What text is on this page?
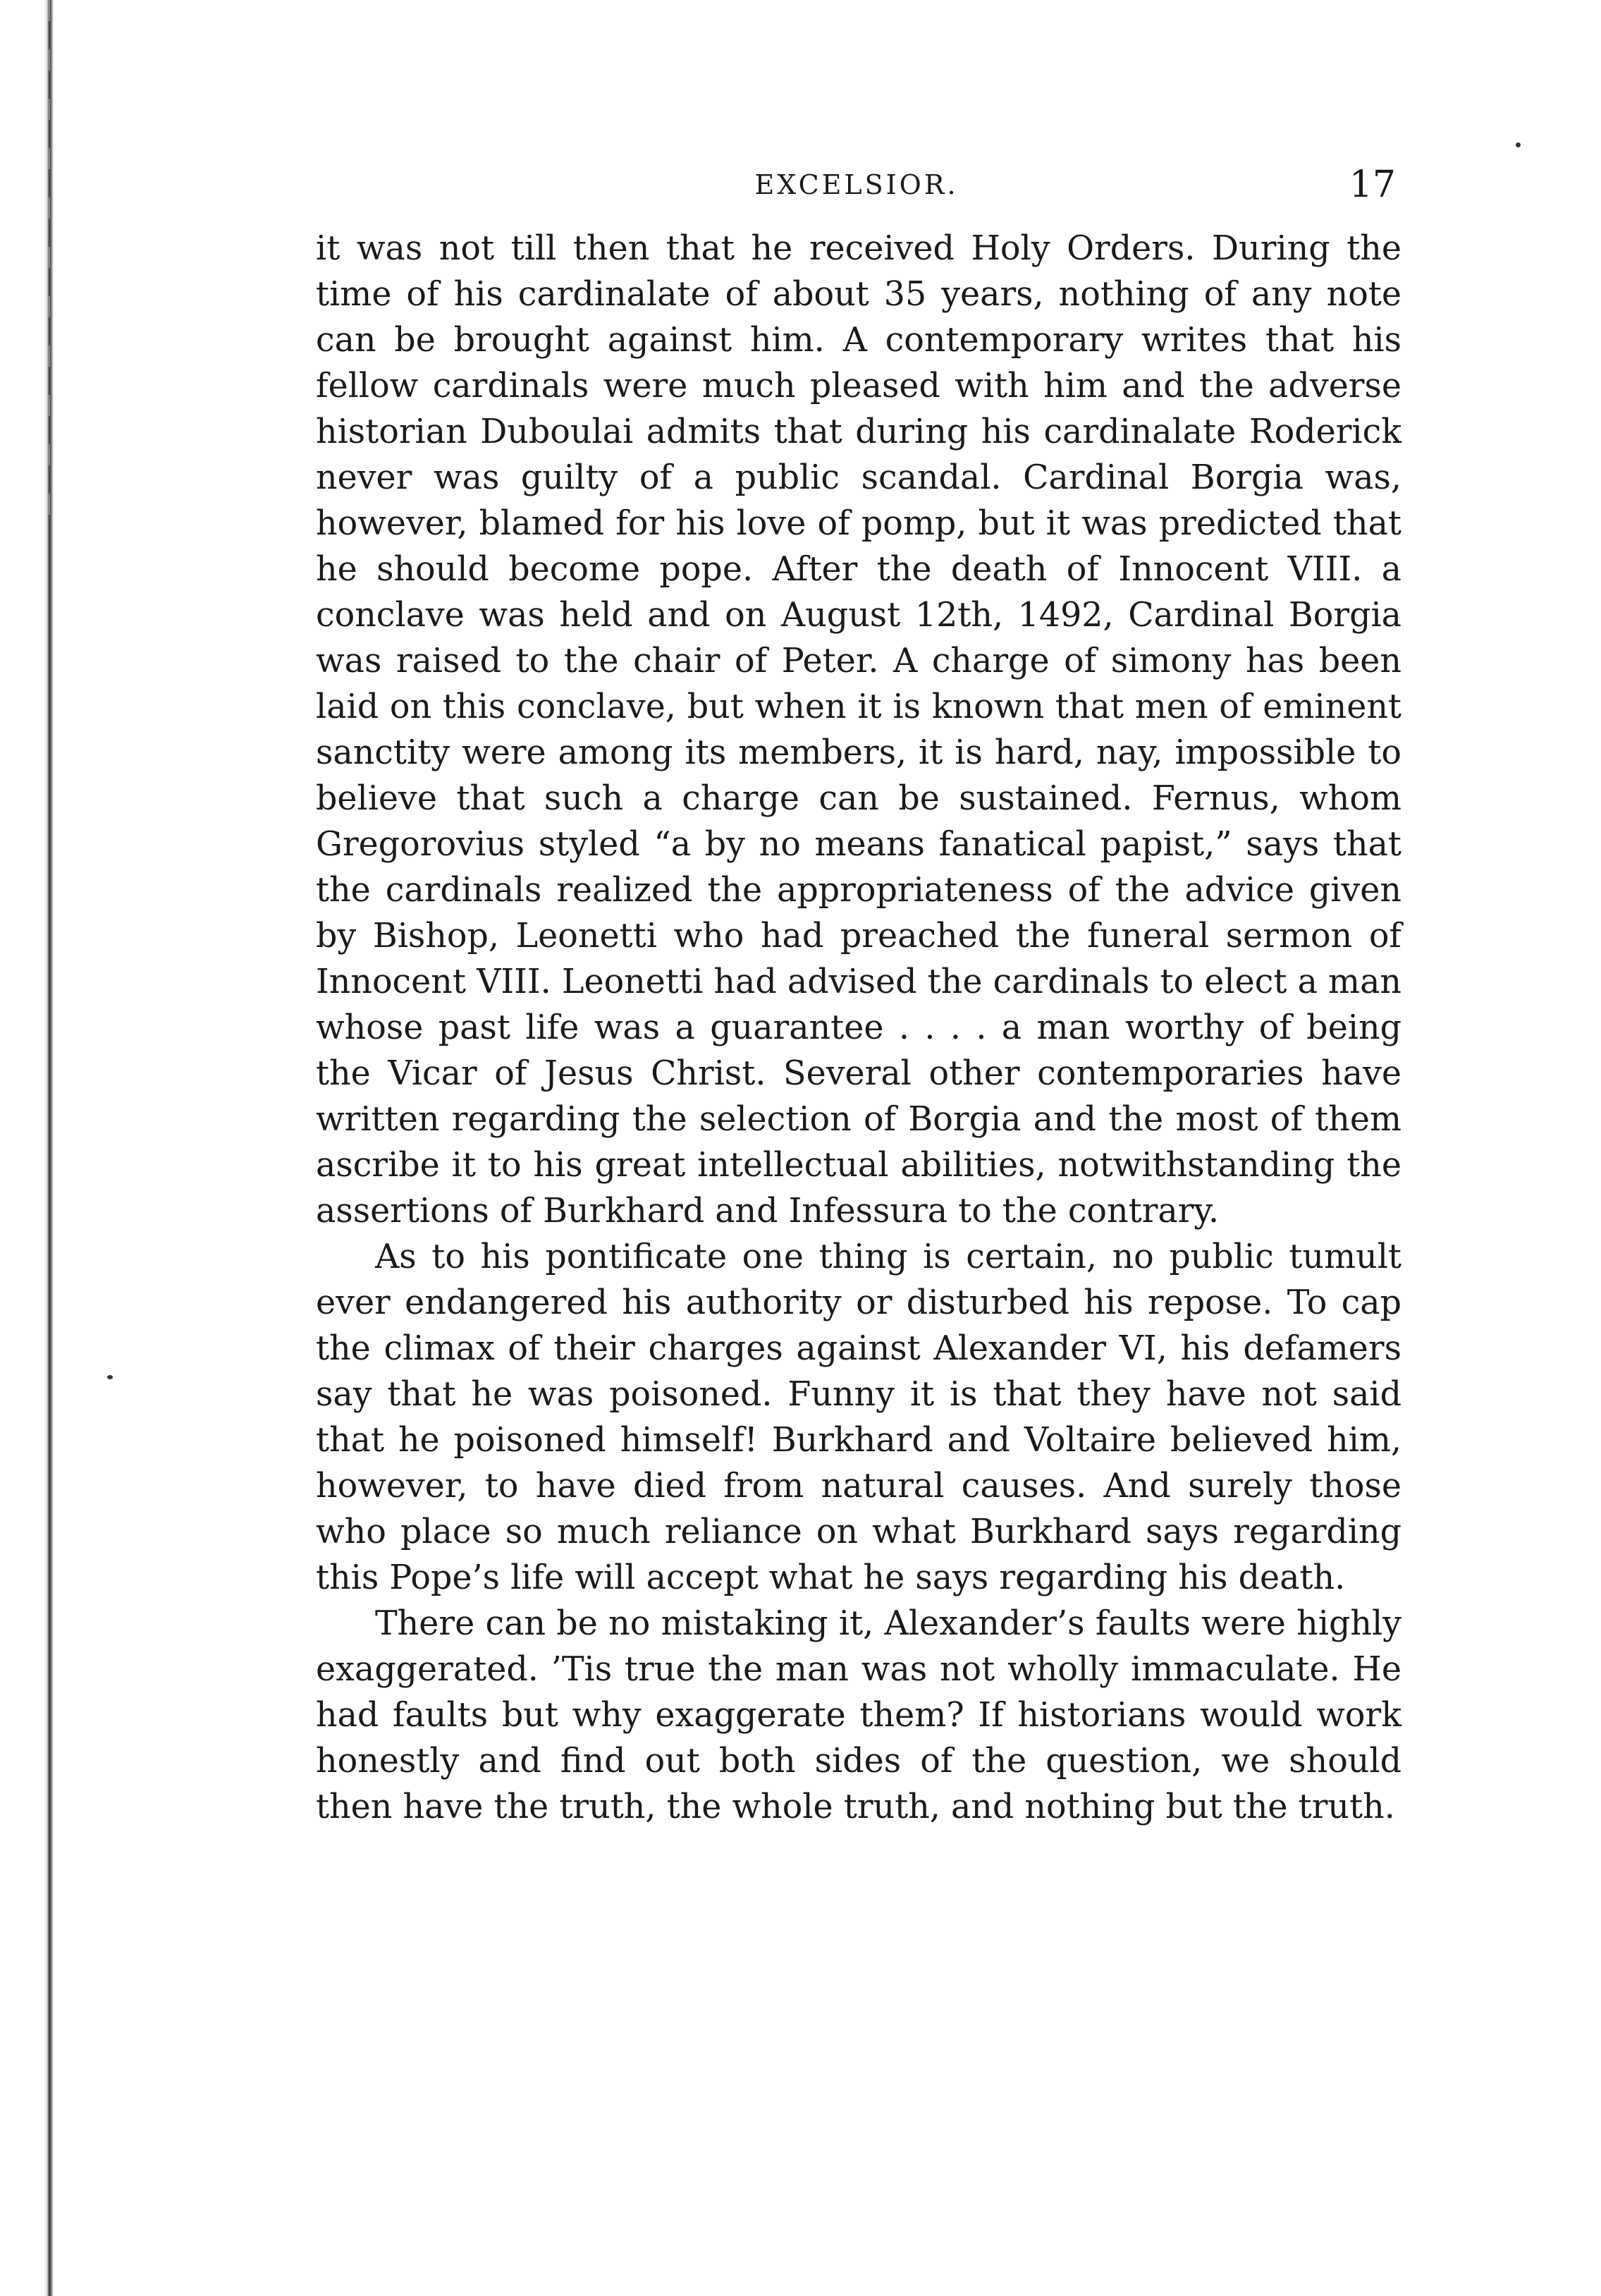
EXCELSIOR.	17

it was not till then that he received Holy Orders. During the time of his cardinalate of about 35 years, nothing of any note can be brought against him. A contemporary writes that his fellow cardinals were much pleased with him and the adverse historian Duboulai admits that during his cardinalate Roderick never was guilty of a public scandal. Cardinal Borgia was, however, blamed for his love of pomp, but it was predicted that he should become pope. After the death of Innocent VIII. a conclave was held and on August 12th, 1492, Cardinal Borgia was raised to the chair of Peter. A charge of simony has been laid on this conclave, but when it is known that men of eminent sanctity were among its members, it is hard, nay, impossible to believe that such a charge can be sustained. Fernus, whom Gregorovius styled “a by no means fanatical papist,” says that the cardinals realized the appropriateness of the advice given by Bishop, Leonetti who had preached the funeral sermon of Innocent VIII. Leonetti had advised the cardinals to elect a man whose past life was a guarantee . . . . a man worthy of being the Vicar of Jesus Christ. Several other contemporaries have written regarding the selection of Borgia and the most of them ascribe it to his great intellectual abilities, notwithstanding the assertions of Burkhard and Infessura to the contrary.

As to his pontificate one thing is certain, no public tumult ever endangered his authority or disturbed his repose. To cap the climax of their charges against Alexander VI, his defamers say that he was poisoned. Funny it is that they have not said that he poisoned himself! Burkhard and Voltaire believed him, however, to have died from natural causes. And surely those who place so much reliance on what Burkhard says regarding this Pope’s life will accept what he says regarding his death.

There can be no mistaking it, Alexander’s faults were highly exaggerated. ’Tis true the man was not wholly immaculate. He had faults but why exaggerate them? If historians would work honestly and find out both sides of the question, we should then have the truth, the whole truth, and nothing but the truth.
